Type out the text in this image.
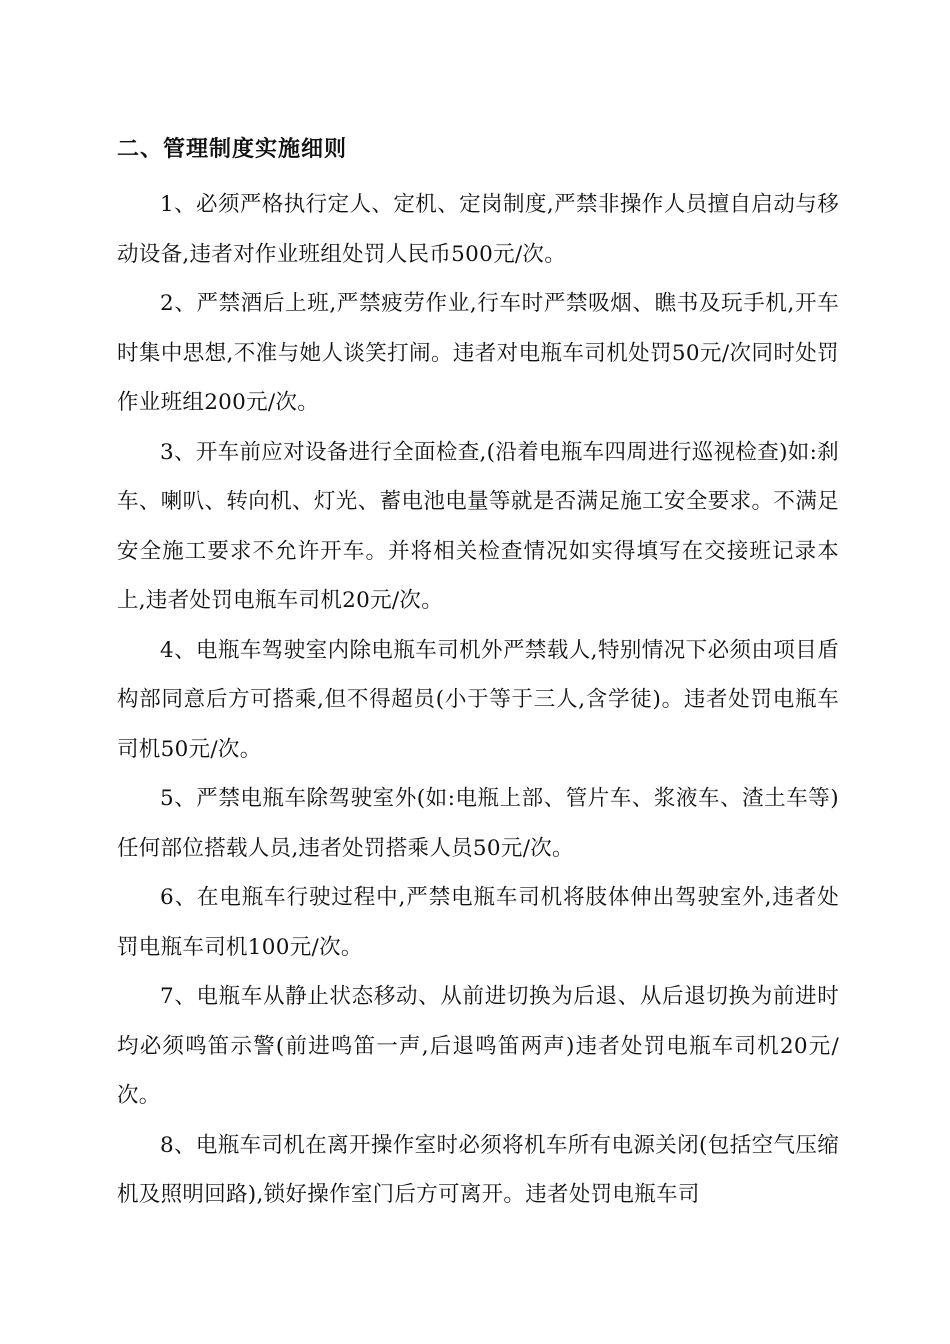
二、管理制度实施细则

1、必须严格执行定人、定机、定岗制度,严禁非操作人员擅自启动与移动设备,违者对作业班组处罚人民币500元/次。

2、严禁酒后上班,严禁疲劳作业,行车时严禁吸烟、瞧书及玩手机,开车时集中思想,不准与她人谈笑打闹。违者对电瓶车司机处罚50元/次同时处罚作业班组200元/次。

3、开车前应对设备进行全面检查,(沿着电瓶车四周进行巡视检查)如:刹车、喇叭、转向机、灯光、蓄电池电量等就是否满足施工安全要求。不满足安全施工要求不允许开车。并将相关检查情况如实得填写在交接班记录本上,违者处罚电瓶车司机20元/次。

4、电瓶车驾驶室内除电瓶车司机外严禁载人,特别情况下必须由项目盾构部同意后方可搭乘,但不得超员(小于等于三人,含学徒)。违者处罚电瓶车司机50元/次。

5、严禁电瓶车除驾驶室外(如:电瓶上部、管片车、浆液车、渣土车等)任何部位搭载人员,违者处罚搭乘人员50元/次。

6、在电瓶车行驶过程中,严禁电瓶车司机将肢体伸出驾驶室外,违者处罚电瓶车司机100元/次。

7、电瓶车从静止状态移动、从前进切换为后退、从后退切换为前进时均必须鸣笛示警(前进鸣笛一声,后退鸣笛两声)违者处罚电瓶车司机20元/次。

8、电瓶车司机在离开操作室时必须将机车所有电源关闭(包括空气压缩机及照明回路),锁好操作室门后方可离开。违者处罚电瓶车司
